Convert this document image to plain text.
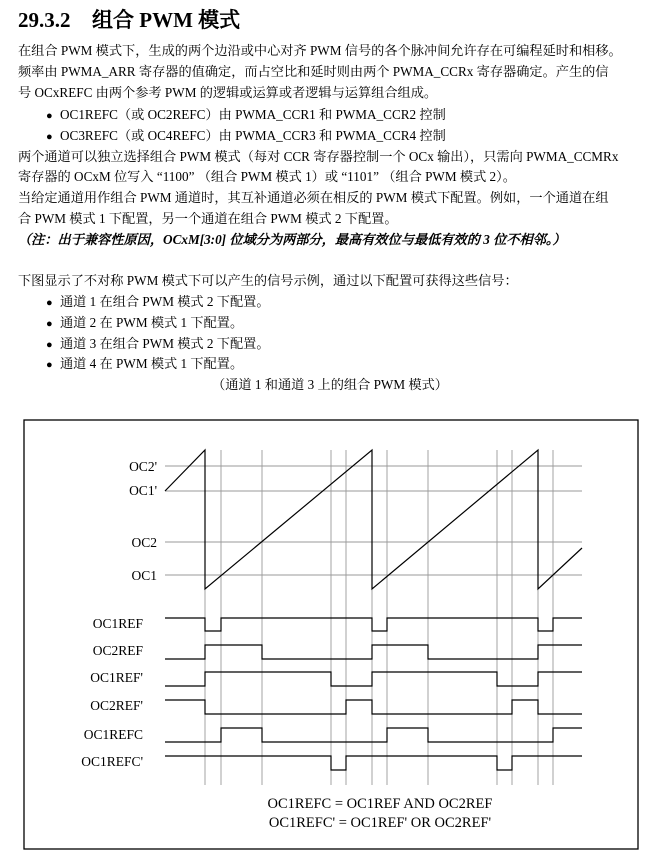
29.3.2 组合 PWM 模式
在组合 PWM 模式下，生成的两个边沿或中心对齐 PWM 信号的各个脉冲间允许存在可编程延时和相移。
频率由 PWMA_ARR 寄存器的值确定，而占空比和延时则由两个 PWMA_CCRx 寄存器确定。产生的信
号 OCxREFC 由两个参考 PWM 的逻辑或运算或者逻辑与运算组合组成。
● OC1REFC（或 OC2REFC）由 PWMA_CCR1 和 PWMA_CCR2 控制
● OC3REFC（或 OC4REFC）由 PWMA_CCR3 和 PWMA_CCR4 控制
两个通道可以独立选择组合 PWM 模式（每对 CCR 寄存器控制一个 OCx 输出），只需向 PWMA_CCMRx
寄存器的 OCxM 位写入 “1100” （组合 PWM 模式 1）或 “1101” （组合 PWM 模式 2）。
当给定通道用作组合 PWM 通道时，其互补通道必须在相反的 PWM 模式下配置。例如，一个通道在组
合 PWM 模式 1 下配置，另一个通道在组合 PWM 模式 2 下配置。
（注：出于兼容性原因，OCxM[3:0] 位域分为两部分，最高有效位与最低有效的 3 位不相邻。）
下图显示了不对称 PWM 模式下可以产生的信号示例，通过以下配置可获得这些信号：
● 通道 1 在组合 PWM 模式 2 下配置。
● 通道 2 在 PWM 模式 1 下配置。
● 通道 3 在组合 PWM 模式 2 下配置。
● 通道 4 在 PWM 模式 1 下配置。
（通道 1 和通道 3 上的组合 PWM 模式）
OC2'
OC1'
OC2
OC1
OC1REF
OC2REF
OC1REF'
OC2REF'
OC1REFC
OC1REFC'
OC1REFC = OC1REF AND OC2REF
OC1REFC' = OC1REF' OR OC2REF'
